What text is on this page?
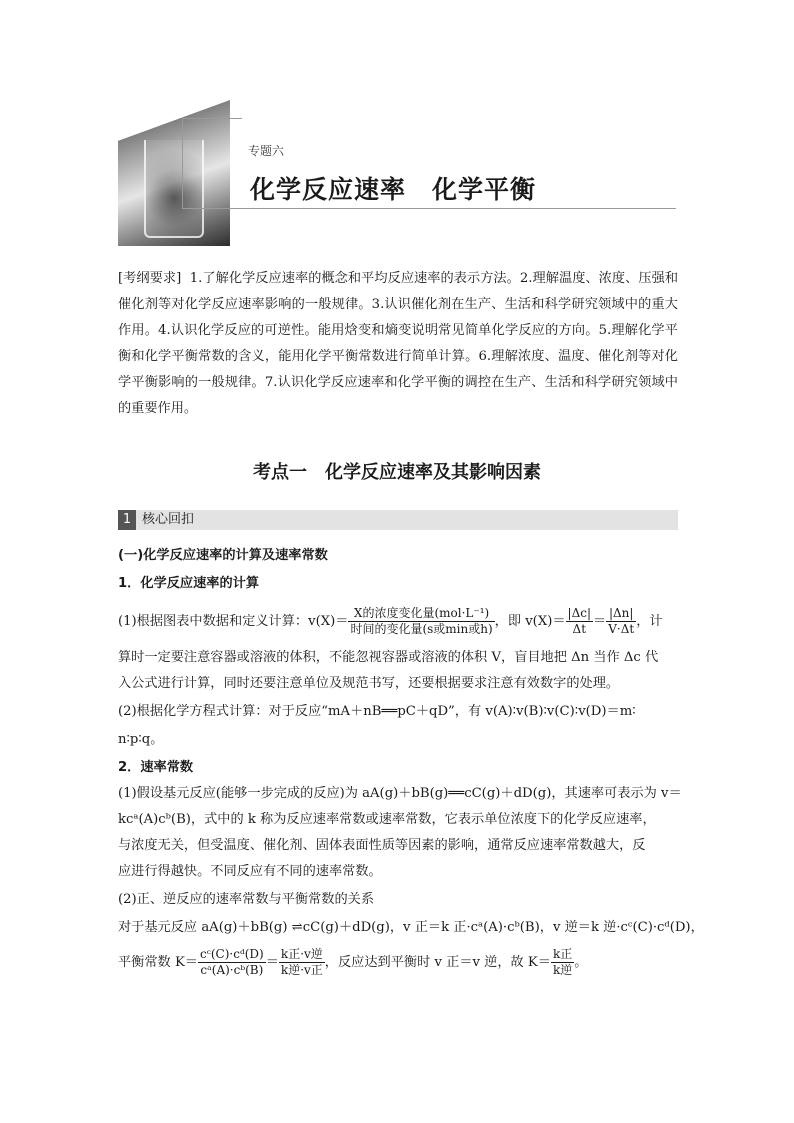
专题六
化学反应速率　化学平衡
[考纲要求] 1.了解化学反应速率的概念和平均反应速率的表示方法。2.理解温度、浓度、压强和催化剂等对化学反应速率影响的一般规律。3.认识催化剂在生产、生活和科学研究领域中的重大作用。4.认识化学反应的可逆性。能用焓变和熵变说明常见简单化学反应的方向。5.理解化学平衡和化学平衡常数的含义，能用化学平衡常数进行简单计算。6.理解浓度、温度、催化剂等对化学平衡影响的一般规律。7.认识化学反应速率和化学平衡的调控在生产、生活和科学研究领域中的重要作用。
考点一　化学反应速率及其影响因素
1 核心回扣
(一)化学反应速率的计算及速率常数
1．化学反应速率的计算
(1)根据图表中数据和定义计算：$v(X)= \frac{\text{X的浓度变化量(mol·L⁻¹)}}{\text{时间的变化量(s或min或h)}}$ ，即 $v(X)= \frac{|\Delta c|}{\Delta t} = \frac{|\Delta n|}{V\cdot\Delta t}$ ，计
算时一定要注意容器或溶液的体积，不能忽视容器或溶液的体积 V，盲目地把 Δn 当作 Δc 代
入公式进行计算，同时还要注意单位及规范书写，还要根据要求注意有效数字的处理。
(2)根据化学方程式计算：对于反应“mA＋nB══pC＋qD”，有 v(A)∶v(B)∶v(C)∶v(D)＝m∶
n∶p∶q。
2．速率常数
(1)假设基元反应(能够一步完成的反应)为 aA(g)＋bB(g)══cC(g)＋dD(g)，其速率可表示为 v＝
kcᵃ(A)cᵇ(B)，式中的 k 称为反应速率常数或速率常数，它表示单位浓度下的化学反应速率，
与浓度无关，但受温度、催化剂、固体表面性质等因素的影响，通常反应速率常数越大，反
应进行得越快。不同反应有不同的速率常数。
(2)正、逆反应的速率常数与平衡常数的关系
对于基元反应 aA(g)＋bB(g) ⇌cC(g)＋dD(g)，v 正＝k 正·cᵃ(A)·cᵇ(B)，v 逆＝k 逆·cᶜ(C)·cᵈ(D)，
平衡常数 $K= \frac{\text{cᶜ(C)·cᵈ(D)}}{\text{cᵃ(A)·cᵇ(B)}} = \frac{\text{k正·v逆}}{\text{k逆·v正}}$ ，反应达到平衡时 v 正＝v 逆，故 $K= \frac{\text{k正}}{\text{k逆}}$ 。
